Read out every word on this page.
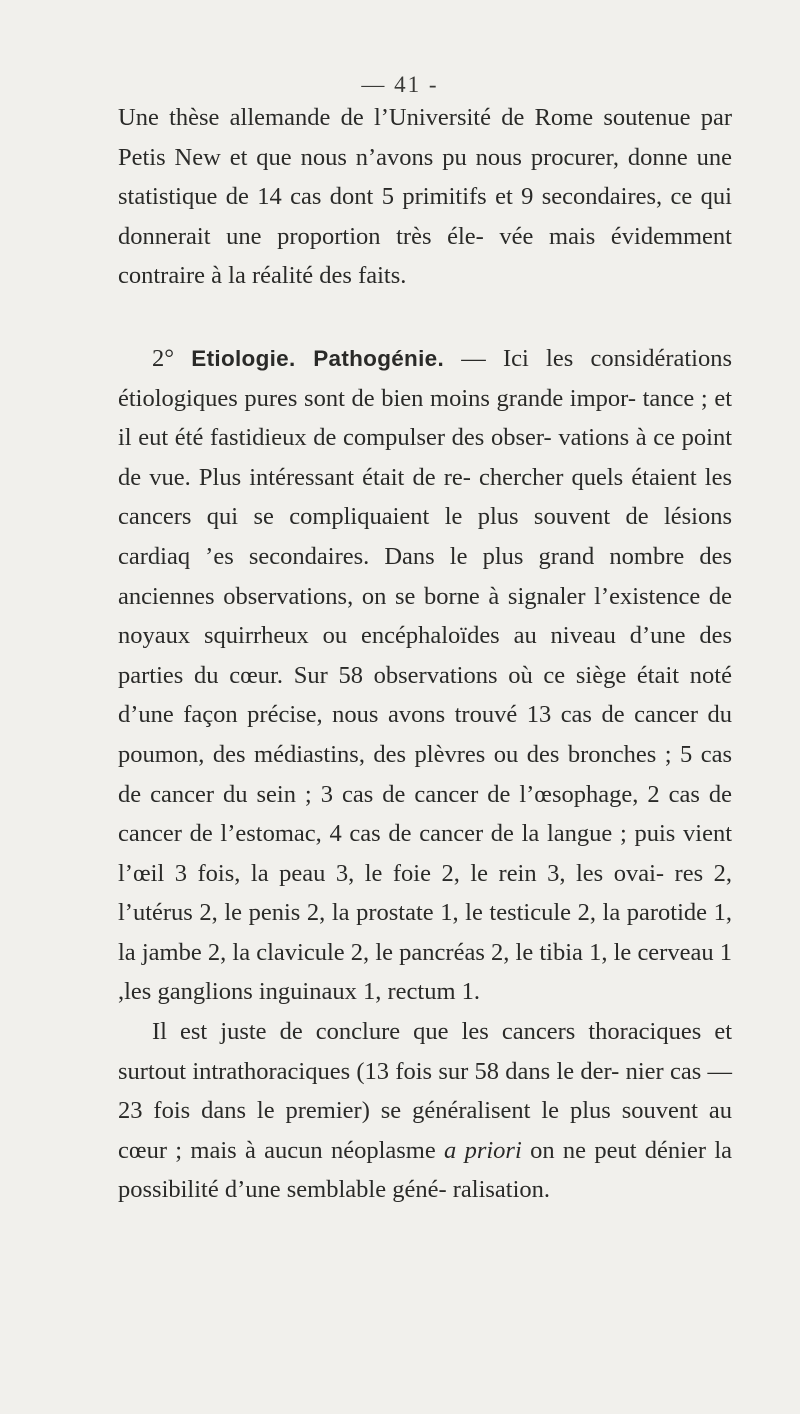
— 41 -

Une thèse allemande de l’Université de Rome soutenue par Petis New et que nous n’avons pu nous procurer, donne une statistique de 14 cas dont 5 primitifs et 9 secondaires, ce qui donnerait une proportion très éle- vée mais évidemment contraire à la réalité des faits.

2° Etiologie. Pathogénie. — Ici les considérations étiologiques pures sont de bien moins grande impor- tance ; et il eut été fastidieux de compulser des obser- vations à ce point de vue. Plus intéressant était de re- chercher quels étaient les cancers qui se compliquaient le plus souvent de lésions cardiaq ’es secondaires. Dans le plus grand nombre des anciennes observations, on se borne à signaler l’existence de noyaux squirrheux ou encéphaloïdes au niveau d’une des parties du cœur. Sur 58 observations où ce siège était noté d’une façon précise, nous avons trouvé 13 cas de cancer du poumon, des médiastins, des plèvres ou des bronches ; 5 cas de cancer du sein ; 3 cas de cancer de l’œsophage, 2 cas de cancer de l’estomac, 4 cas de cancer de la langue ; puis vient l’œil 3 fois, la peau 3, le foie 2, le rein 3, les ovai- res 2, l’utérus 2, le penis 2, la prostate 1, le testicule 2, la parotide 1, la jambe 2, la clavicule 2, le pancréas 2, le tibia 1, le cerveau 1 ,les ganglions inguinaux 1, rectum 1.

Il est juste de conclure que les cancers thoraciques et surtout intrathoraciques (13 fois sur 58 dans le der- nier cas — 23 fois dans le premier) se généralisent le plus souvent au cœur ; mais à aucun néoplasme a priori on ne peut dénier la possibilité d’une semblable géné- ralisation.
